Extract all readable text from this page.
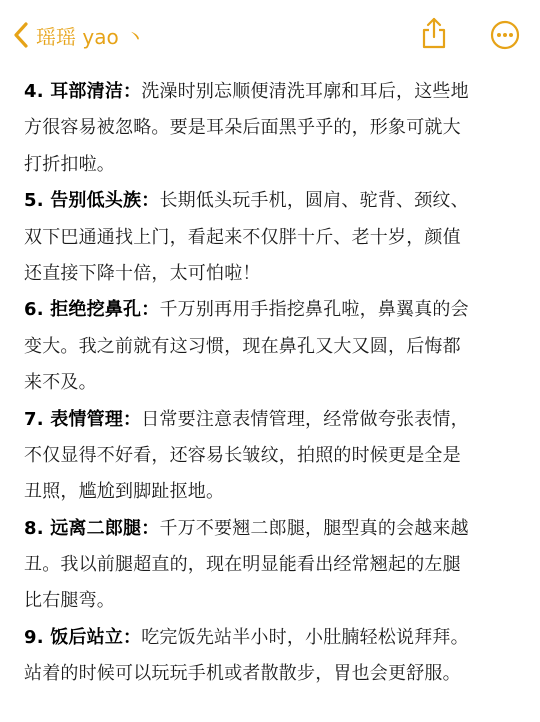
瑶瑶 yao 丶
4. 耳部清洁：洗澡时别忘顺便清洗耳廓和耳后，这些地
方很容易被忽略。要是耳朵后面黑乎乎的，形象可就大
打折扣啦。
5. 告别低头族：长期低头玩手机，圆肩、驼背、颈纹、
双下巴通通找上门，看起来不仅胖十斤、老十岁，颜值
还直接下降十倍，太可怕啦！
6. 拒绝挖鼻孔：千万别再用手指挖鼻孔啦，鼻翼真的会
变大。我之前就有这习惯，现在鼻孔又大又圆，后悔都
来不及。
7. 表情管理：日常要注意表情管理，经常做夸张表情，
不仅显得不好看，还容易长皱纹，拍照的时候更是全是
丑照，尴尬到脚趾抠地。
8. 远离二郎腿：千万不要翘二郎腿，腿型真的会越来越
丑。我以前腿超直的，现在明显能看出经常翘起的左腿
比右腿弯。
9. 饭后站立：吃完饭先站半小时，小肚腩轻松说拜拜。
站着的时候可以玩玩手机或者散散步，胃也会更舒服。
